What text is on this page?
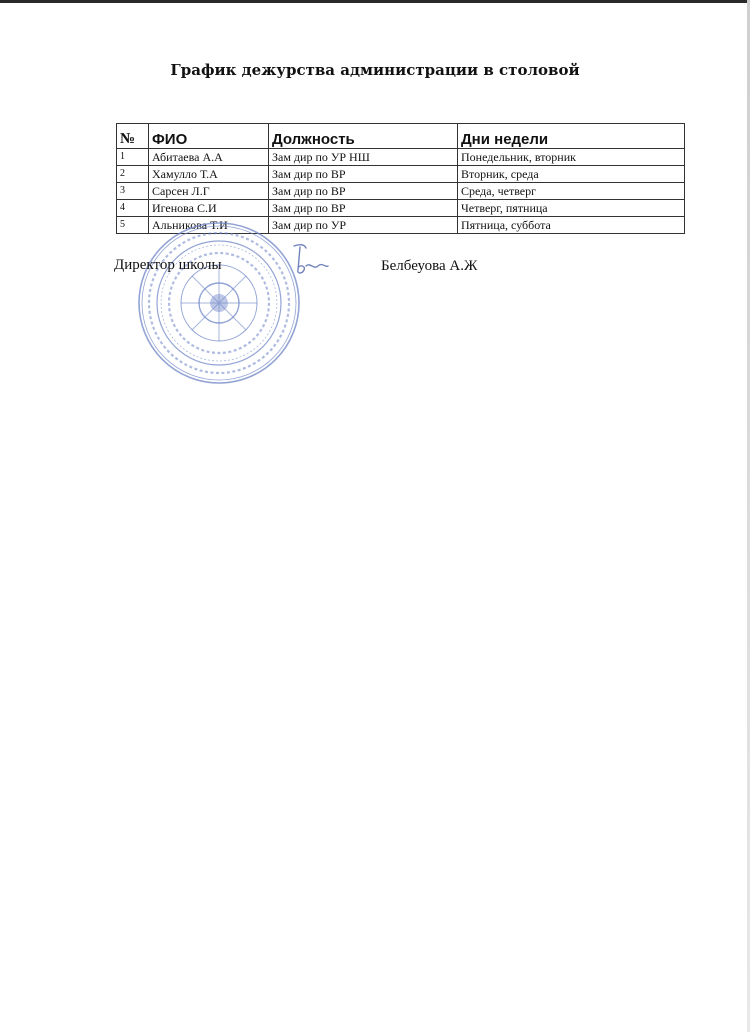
График дежурства администрации в столовой
№	ФИО	Должность	Дни недели
1	Абитаева А.А	Зам дир по УР НШ	Понедельник, вторник
2	Хамулло Т.А	Зам дир по ВР	Вторник, среда
3	Сарсен Л.Г	Зам дир по ВР	Среда, четверг
4	Игенова С.И	Зам дир по ВР	Четверг, пятница
5	Альникова Т.И	Зам дир по УР	Пятница, суббота
Директор школы	Белбеуова А.Ж
